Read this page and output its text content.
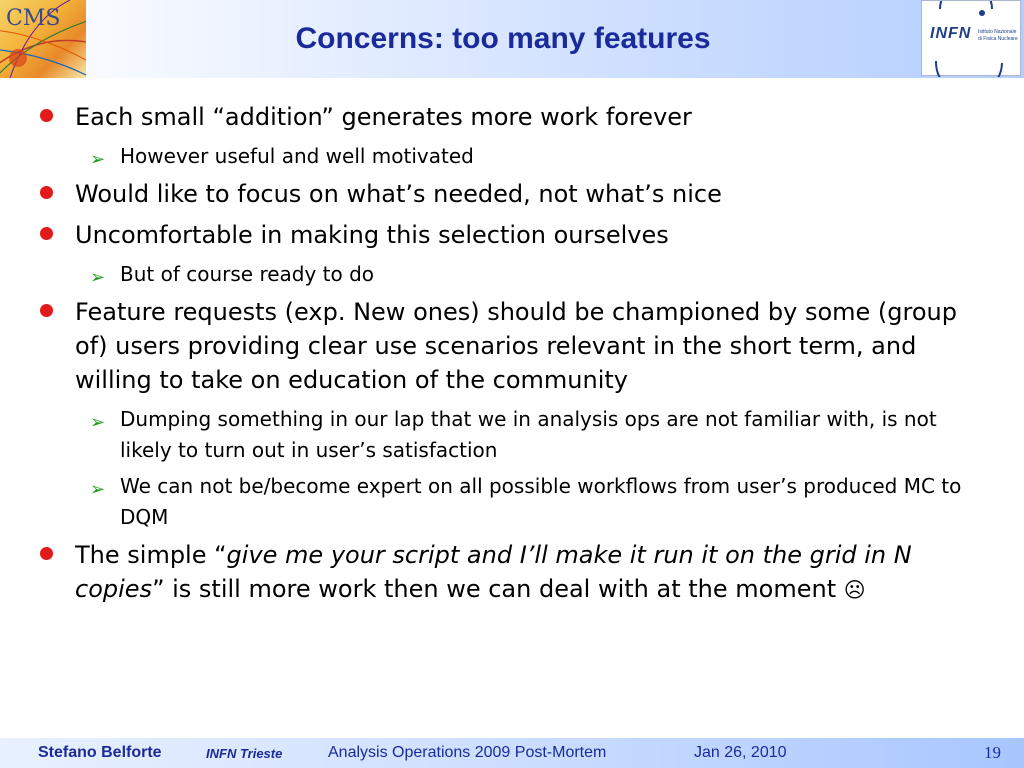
CMS
Concerns: too many features	INFN Istituto Nazionale
di Fisica Nucleare
Each small “addition” generates more work forever
➢ However useful and well motivated
Would like to focus on what’s needed, not what’s nice
Uncomfortable in making this selection ourselves
➢ But of course ready to do
Feature requests (exp. New ones) should be championed by some (group of) users providing clear use scenarios relevant in the short term, and willing to take on education of the community
➢ Dumping something in our lap that we in analysis ops are not familiar with, is not likely to turn out in user’s satisfaction
➢ We can not be/become expert on all possible workflows from user’s produced MC to DQM
The simple “give me your script and I’ll make it run it on the grid in N copies” is still more work then we can deal with at the moment ☹
Stefano Belforte	INFN Trieste	Analysis Operations 2009 Post-Mortem	Jan 26, 2010	19
